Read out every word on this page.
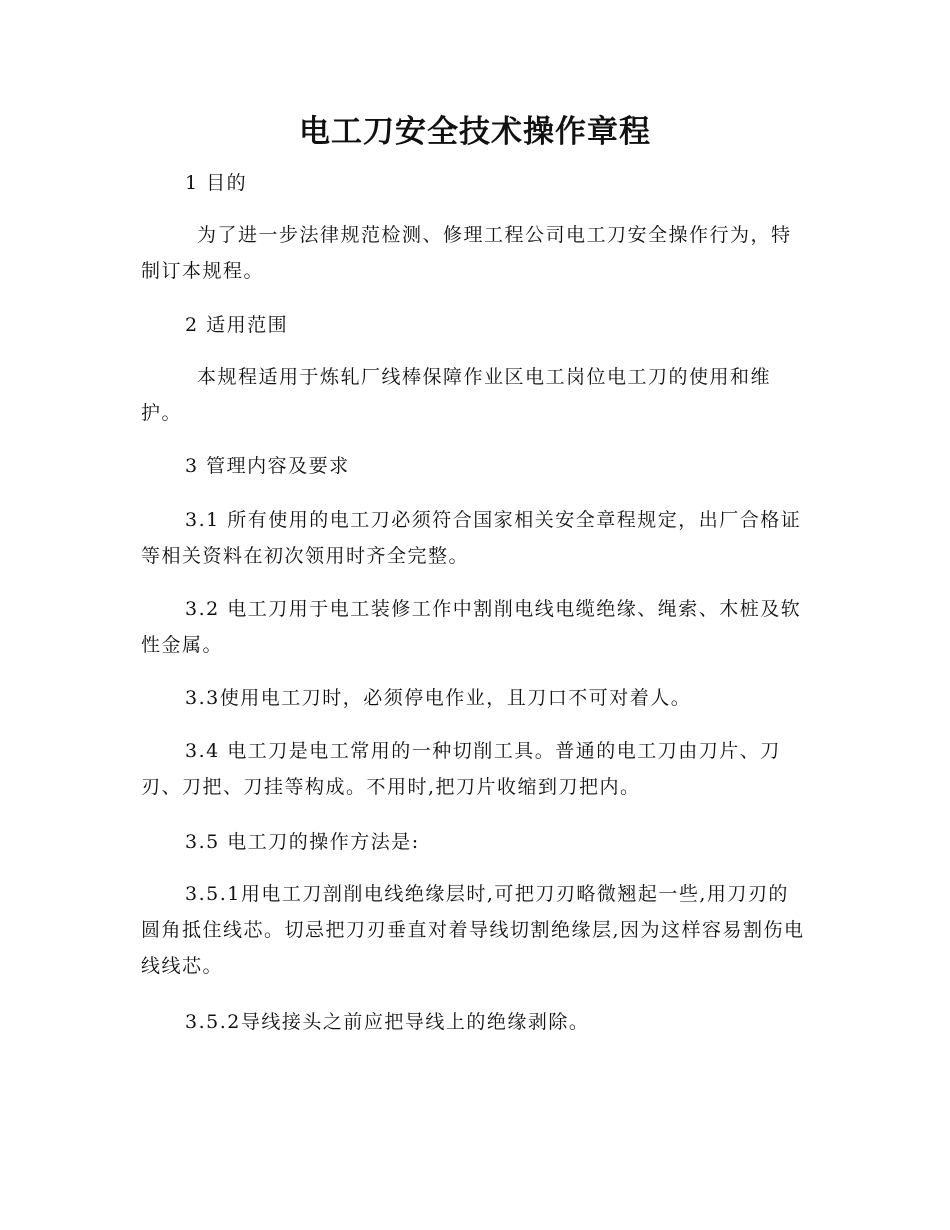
电工刀安全技术操作章程

1 目的

为了进一步法律规范检测、修理工程公司电工刀安全操作行为，特制订本规程。

2 适用范围

本规程适用于炼轧厂线棒保障作业区电工岗位电工刀的使用和维护。

3 管理内容及要求

3.1 所有使用的电工刀必须符合国家相关安全章程规定，出厂合格证等相关资料在初次领用时齐全完整。

3.2 电工刀用于电工装修工作中割削电线电缆绝缘、绳索、木桩及软性金属。

3.3使用电工刀时，必须停电作业，且刀口不可对着人。

3.4 电工刀是电工常用的一种切削工具。普通的电工刀由刀片、刀刃、刀把、刀挂等构成。不用时,把刀片收缩到刀把内。

3.5 电工刀的操作方法是:

3.5.1用电工刀剖削电线绝缘层时,可把刀刃略微翘起一些,用刀刃的圆角抵住线芯。切忌把刀刃垂直对着导线切割绝缘层,因为这样容易割伤电线线芯。

3.5.2导线接头之前应把导线上的绝缘剥除。
